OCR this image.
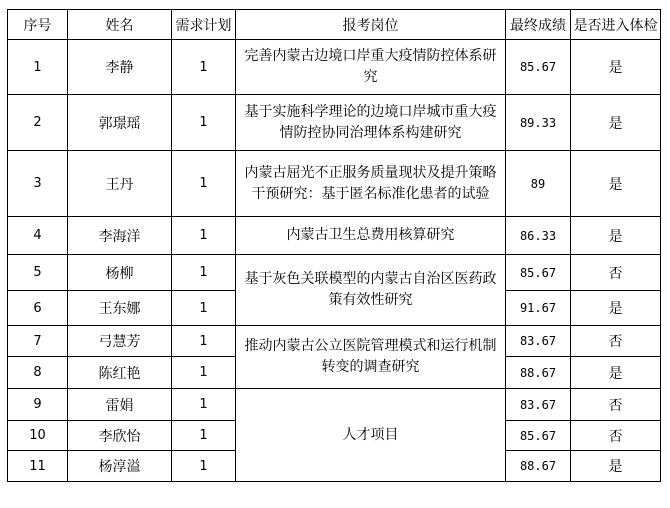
序号	姓名	需求计划	报考岗位	最终成绩	是否进入体检
1	李静	1	完善内蒙古边境口岸重大疫情防控体系研究	85.67	是
2	郭璟瑶	1	基于实施科学理论的边境口岸城市重大疫情防控协同治理体系构建研究	89.33	是
3	王丹	1	内蒙古屈光不正服务质量现状及提升策略干预研究：基于匿名标准化患者的试验	89	是
4	李海洋	1	内蒙古卫生总费用核算研究	86.33	是
5	杨柳	1	基于灰色关联模型的内蒙古自治区医药政策有效性研究	85.67	否
6	王东娜	1		91.67	是
7	弓慧芳	1	推动内蒙古公立医院管理模式和运行机制转变的调查研究	83.67	否
8	陈红艳	1		88.67	是
9	雷娟	1	人才项目	83.67	否
10	李欣怡	1		85.67	否
11	杨淳溢	1		88.67	是
